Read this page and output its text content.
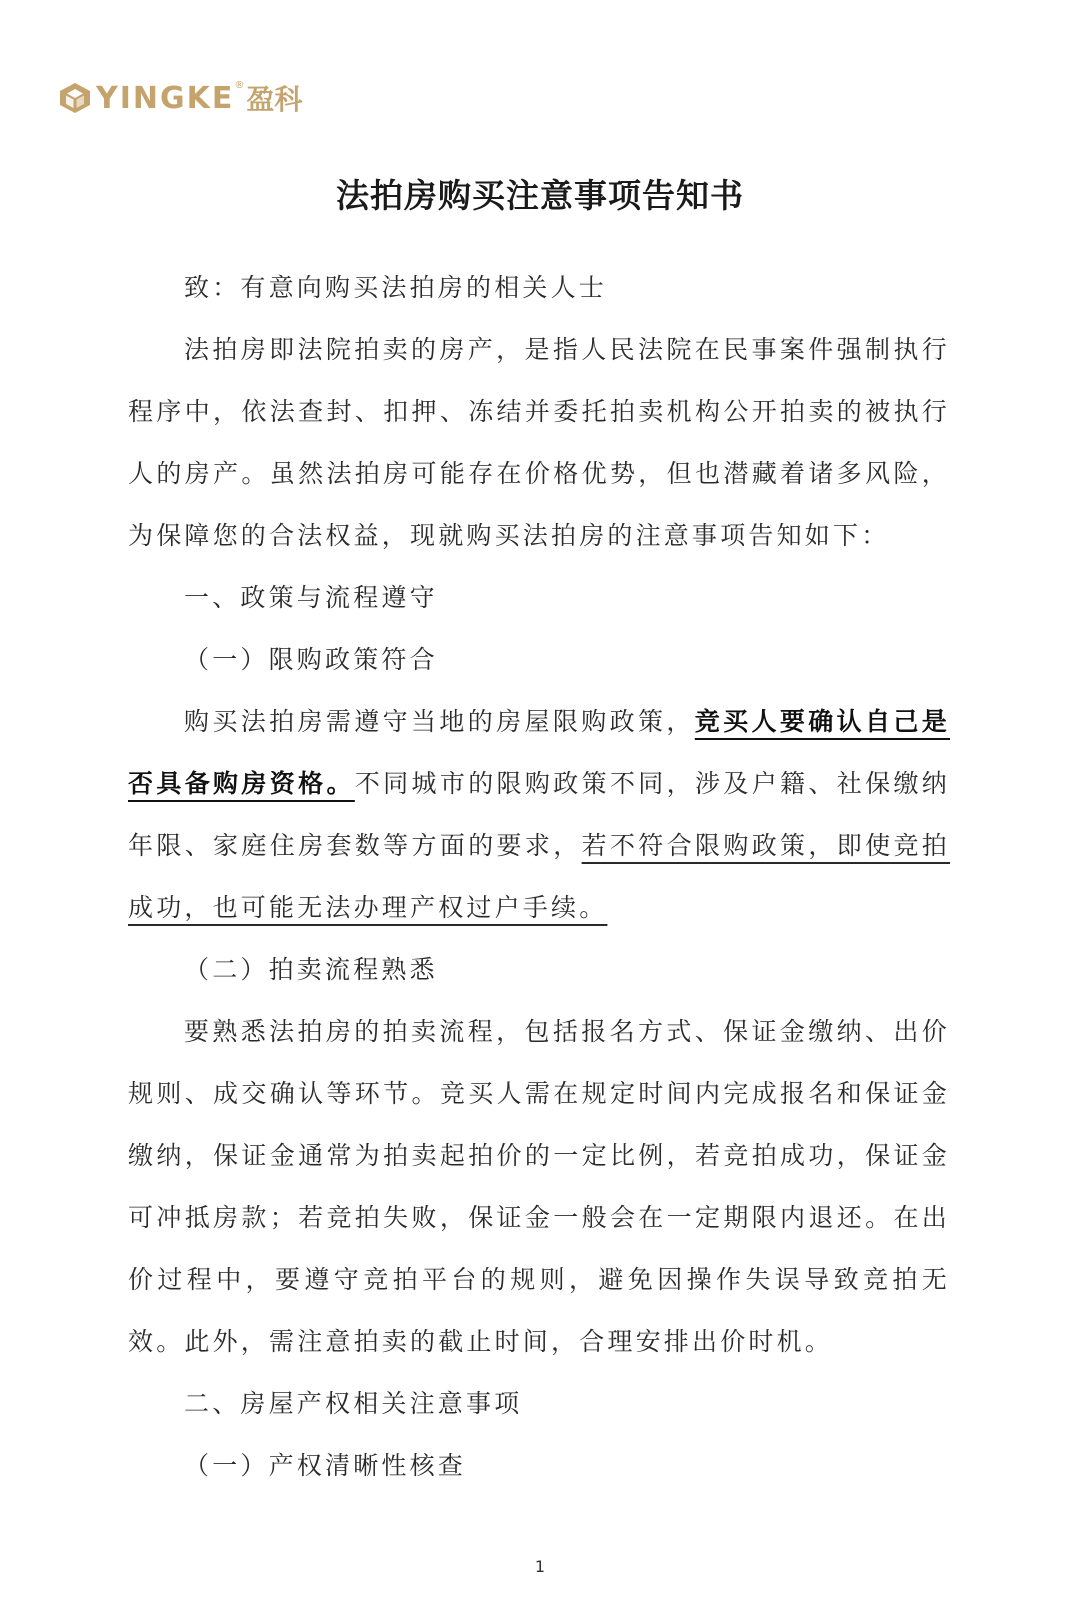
YINGKE ® 盈科
法拍房购买注意事项告知书

致：有意向购买法拍房的相关人士

法拍房即法院拍卖的房产，是指人民法院在民事案件强制执行程序中，依法查封、扣押、冻结并委托拍卖机构公开拍卖的被执行人的房产。虽然法拍房可能存在价格优势，但也潜藏着诸多风险，为保障您的合法权益，现就购买法拍房的注意事项告知如下：

一、政策与流程遵守

（一）限购政策符合

购买法拍房需遵守当地的房屋限购政策，竞买人要确认自己是否具备购房资格。不同城市的限购政策不同，涉及户籍、社保缴纳年限、家庭住房套数等方面的要求，若不符合限购政策，即使竞拍成功，也可能无法办理产权过户手续。

（二）拍卖流程熟悉

要熟悉法拍房的拍卖流程，包括报名方式、保证金缴纳、出价规则、成交确认等环节。竞买人需在规定时间内完成报名和保证金缴纳，保证金通常为拍卖起拍价的一定比例，若竞拍成功，保证金可冲抵房款；若竞拍失败，保证金一般会在一定期限内退还。在出价过程中，要遵守竞拍平台的规则，避免因操作失误导致竞拍无效。此外，需注意拍卖的截止时间，合理安排出价时机。

二、房屋产权相关注意事项

（一）产权清晰性核查

1
